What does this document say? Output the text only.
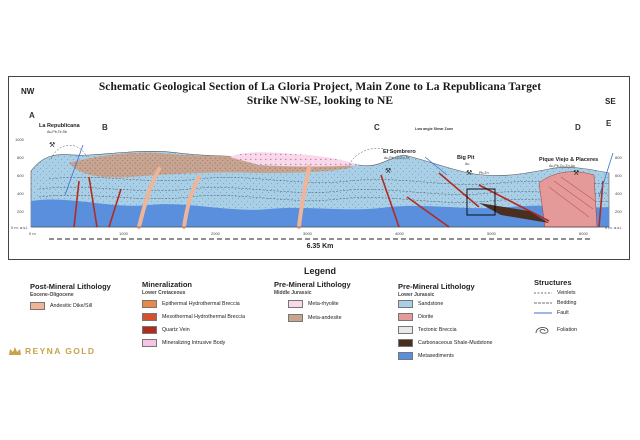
Schematic Geological Section of La Gloria Project, Main Zone to La Republicana Target
Strike NW-SE, looking to NE
NW
SE
⚒
⚒	⚒	⚒
A
B	C	D	E
La Republicana
Au,Pb,Te,Sb
El Sombrero
Au,Pb,Cu,Zn,Te	Big Pit
Au
Pique Viejo & Placeres
Au,Pb,Cu,Zn,Au
Low angle Shear Zone
Pb,Zn
1000
800
600
400
200
0 m. a.s.l.
800
600
400
200
0 m. a.s.l.
0 m	1000	2000	3000	4000	5000	6000
6.35 Km
Legend
Post-Mineral Lithology
Eocene-Oligocene
Andesitic Dike/Sill
Mineralization
Lower Cretaceous
Epithermal Hydrothermal Breccia
Mesothermal Hydrothermal Breccia
Quartz Vein
Mineralizing Intrusive Body
Pre-Mineral Lithology
Middle Jurassic
Meta-rhyolite
Meta-andesite
Pre-Mineral Lithology
Lower Jurassic
Sandstone
Diorite
Tectonic Breccia
Carbonaceous Shale-Mudstone
Metasediments
Structures
Veinlets
Bedding
Fault
Foliation
REYNA GOLD
